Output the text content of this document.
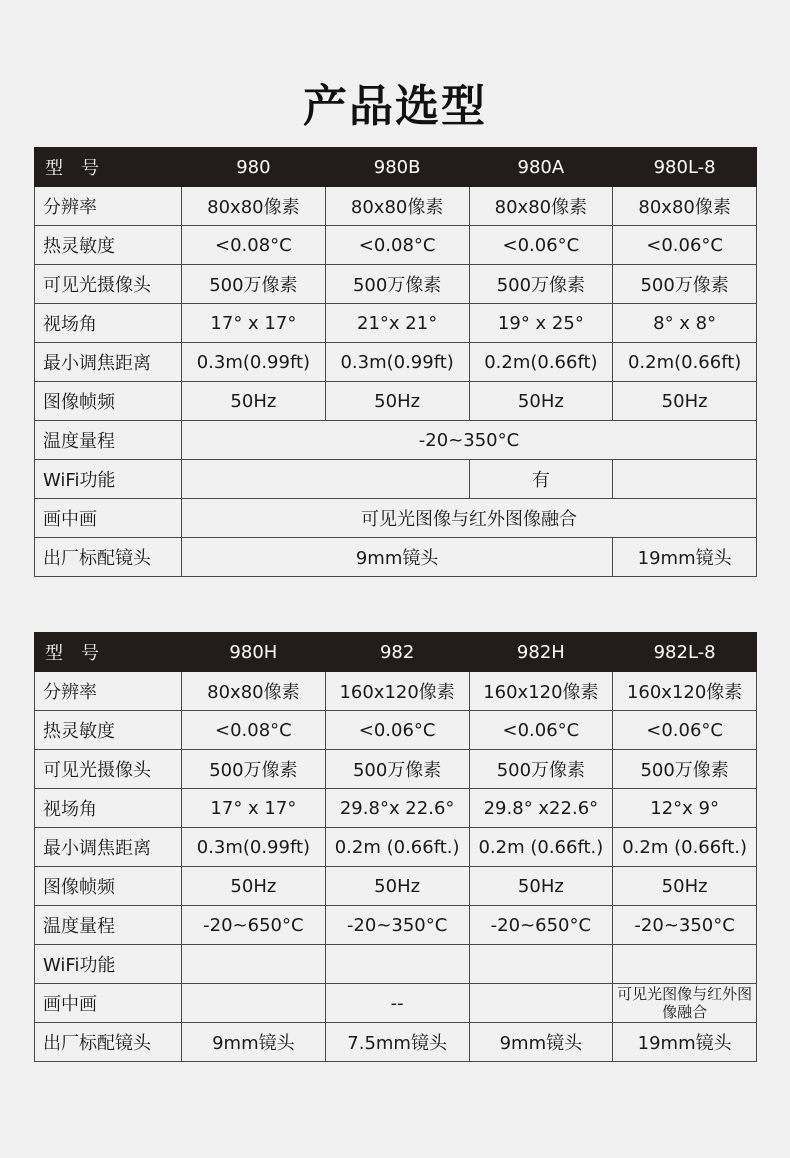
产品选型
型　号	980	980B	980A	980L-8
分辨率	80x80像素	80x80像素	80x80像素	80x80像素
热灵敏度	<0.08°C	<0.08°C	<0.06°C	<0.06°C
可见光摄像头	500万像素	500万像素	500万像素	500万像素
视场角	17° x 17°	21°x 21°	19° x 25°	8° x 8°
最小调焦距离	0.3m(0.99ft)	0.3m(0.99ft)	0.2m(0.66ft)	0.2m(0.66ft)
图像帧频	50Hz	50Hz	50Hz	50Hz
温度量程	-20~350°C			
WiFi功能			有	
画中画	可见光图像与红外图像融合			
出厂标配镜头	9mm镜头			19mm镜头
型　号	980H	982	982H	982L-8
分辨率	80x80像素	160x120像素	160x120像素	160x120像素
热灵敏度	<0.08°C	<0.06°C	<0.06°C	<0.06°C
可见光摄像头	500万像素	500万像素	500万像素	500万像素
视场角	17° x 17°	29.8°x 22.6°	29.8° x22.6°	12°x 9°
最小调焦距离	0.3m(0.99ft)	0.2m (0.66ft.)	0.2m (0.66ft.)	0.2m (0.66ft.)
图像帧频	50Hz	50Hz	50Hz	50Hz
温度量程	-20~650°C	-20~350°C	-20~650°C	-20~350°C
WiFi功能				
画中画		--		可见光图像与红外图像融合
出厂标配镜头	9mm镜头	7.5mm镜头	9mm镜头	19mm镜头
